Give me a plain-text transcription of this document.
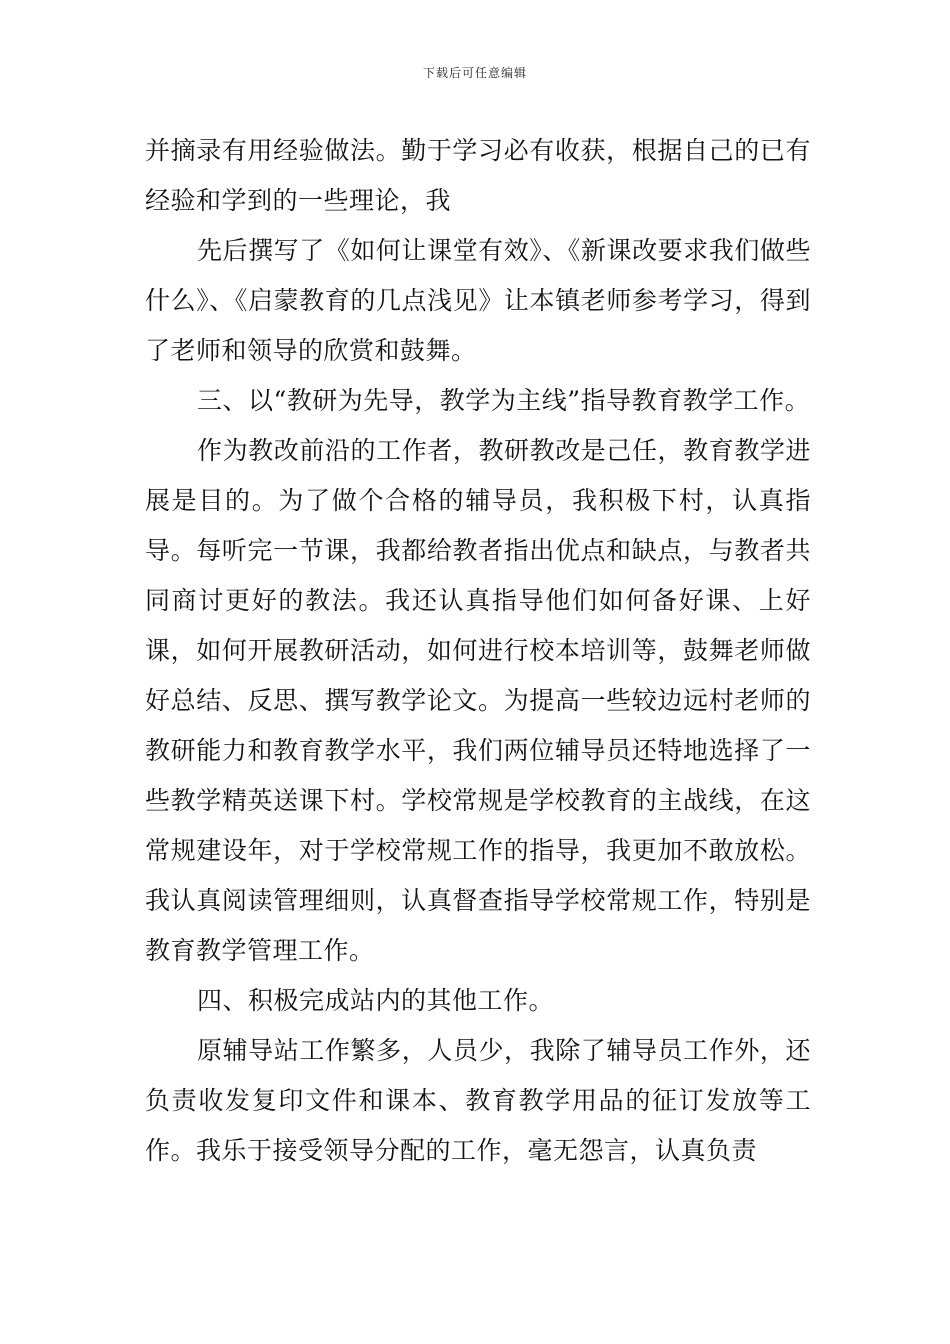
下载后可任意编辑

并摘录有用经验做法。勤于学习必有收获，根据自己的已有经验和学到的一些理论，我

先后撰写了《如何让课堂有效》、《新课改要求我们做些什么》、《启蒙教育的几点浅见》让本镇老师参考学习，得到了老师和领导的欣赏和鼓舞。

三、以“教研为先导，教学为主线”指导教育教学工作。

作为教改前沿的工作者，教研教改是己任，教育教学进展是目的。为了做个合格的辅导员，我积极下村，认真指导。每听完一节课，我都给教者指出优点和缺点，与教者共同商讨更好的教法。我还认真指导他们如何备好课、上好课，如何开展教研活动，如何进行校本培训等，鼓舞老师做好总结、反思、撰写教学论文。为提高一些较边远村老师的教研能力和教育教学水平，我们两位辅导员还特地选择了一些教学精英送课下村。学校常规是学校教育的主战线，在这常规建设年，对于学校常规工作的指导，我更加不敢放松。我认真阅读管理细则，认真督查指导学校常规工作，特别是教育教学管理工作。

四、积极完成站内的其他工作。

原辅导站工作繁多，人员少，我除了辅导员工作外，还负责收发复印文件和课本、教育教学用品的征订发放等工作。我乐于接受领导分配的工作，毫无怨言，认真负责
